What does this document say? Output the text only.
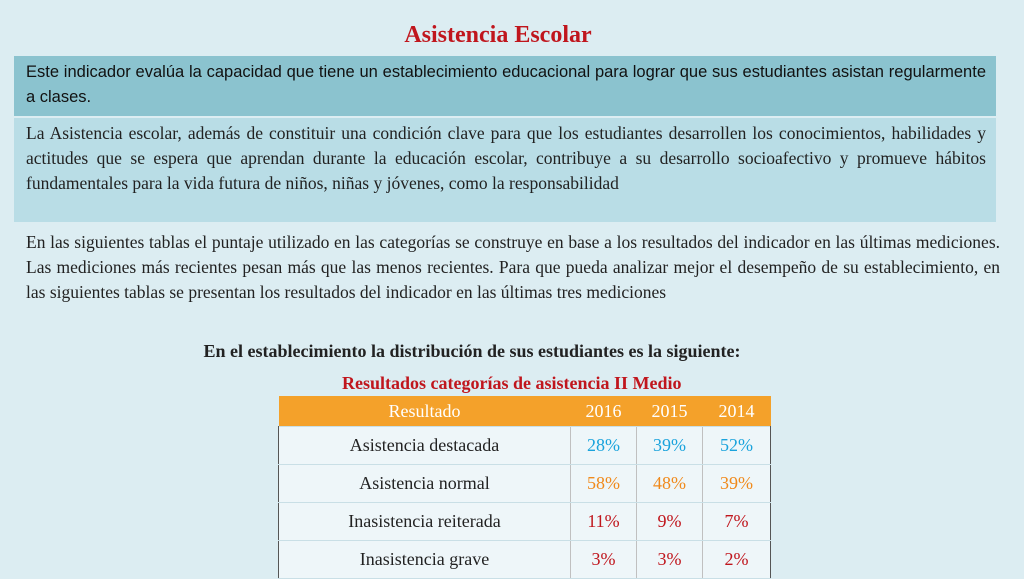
Asistencia Escolar
Este indicador evalúa la capacidad que tiene un establecimiento educacional para lograr que sus estudiantes asistan regularmente a clases.
La Asistencia escolar, además de constituir una condición clave para que los estudiantes desarrollen los conocimientos, habilidades y actitudes que se espera que aprendan durante la educación escolar, contribuye a su desarrollo socioafectivo y promueve hábitos fundamentales para la vida futura de niños, niñas y jóvenes, como la responsabilidad
En las siguientes tablas el puntaje utilizado en las categorías se construye en base a los resultados del indicador en las últimas mediciones. Las mediciones más recientes pesan más que las menos recientes. Para que pueda analizar mejor el desempeño de su establecimiento, en las siguientes tablas se presentan los resultados del indicador en las últimas tres mediciones
En el establecimiento la distribución de sus estudiantes es la siguiente:
Resultados categorías de asistencia II Medio
Resultado	2016	2015	2014
Asistencia destacada	28%	39%	52%
Asistencia normal	58%	48%	39%
Inasistencia reiterada	11%	9%	7%
Inasistencia grave	3%	3%	2%
